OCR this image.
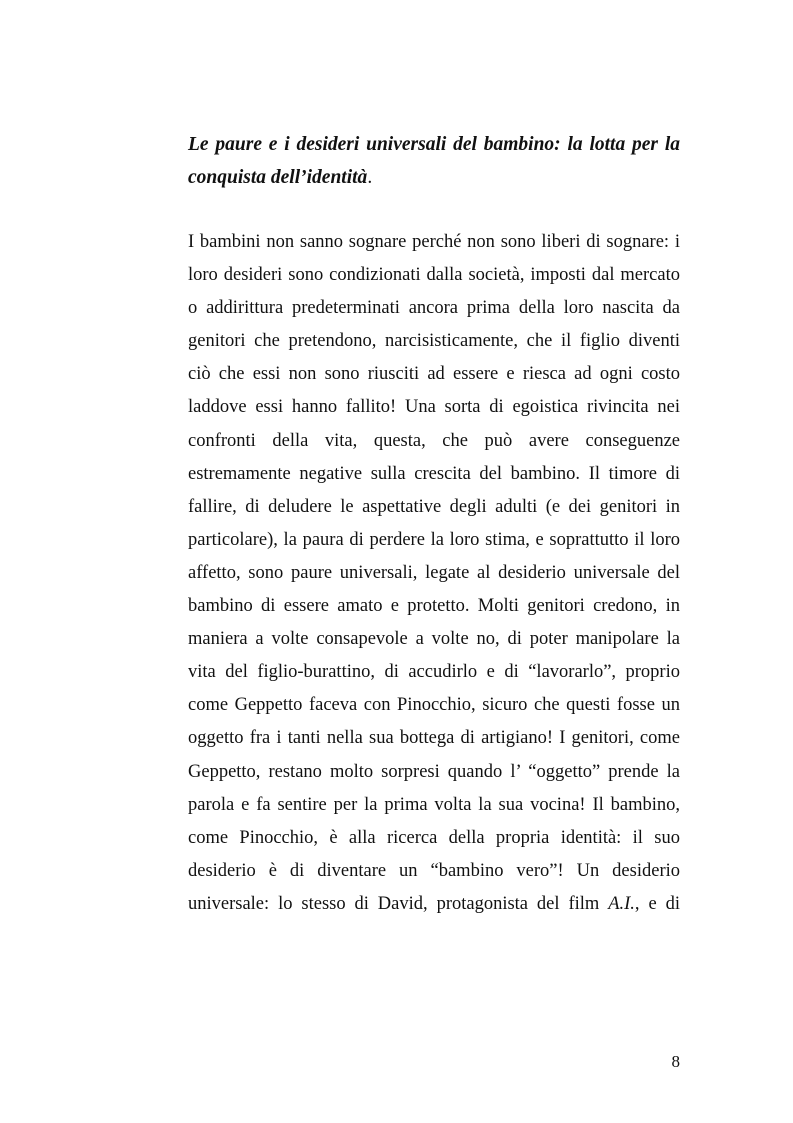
Le paure e i desideri universali del bambino: la lotta per la
conquista dell’identità.
I bambini non sanno sognare perché non sono liberi di sognare: i
loro desideri sono condizionati dalla società, imposti dal mercato
o addirittura predeterminati ancora prima della loro nascita da
genitori che pretendono, narcisisticamente, che il figlio diventi
ciò che essi non sono riusciti ad essere e riesca ad ogni costo
laddove essi hanno fallito! Una sorta di egoistica rivincita nei
confronti della vita, questa, che può avere conseguenze
estremamente negative sulla crescita del bambino. Il timore di
fallire, di deludere le aspettative degli adulti (e dei genitori in
particolare), la paura di perdere la loro stima, e soprattutto il loro
affetto, sono paure universali, legate al desiderio universale del
bambino di essere amato e protetto. Molti genitori credono, in
maniera a volte consapevole a volte no, di poter manipolare la
vita del figlio-burattino, di accudirlo e di “lavorarlo”, proprio
come Geppetto faceva con Pinocchio, sicuro che questi fosse un
oggetto fra i tanti nella sua bottega di artigiano! I genitori, come
Geppetto, restano molto sorpresi quando l’ “oggetto” prende la
parola e fa sentire per la prima volta la sua vocina! Il bambino,
come Pinocchio, è alla ricerca della propria identità: il suo
desiderio è di diventare un “bambino vero”! Un desiderio
universale: lo stesso di David, protagonista del film A.I., e di
8
